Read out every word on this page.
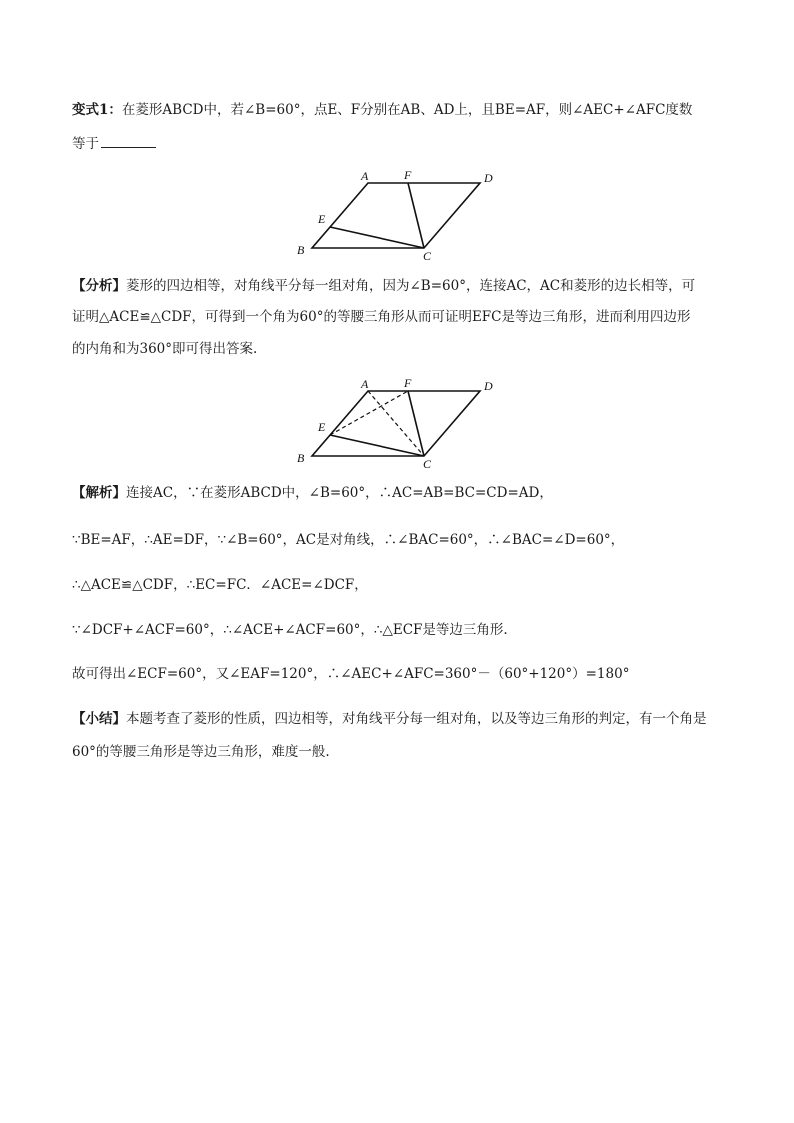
变式1：在菱形ABCD中，若∠B=60°，点E、F分别在AB、AD上，且BE=AF，则∠AEC+∠AFC度数
等于
A	F	D
E
B	C
【分析】菱形的四边相等，对角线平分每一组对角，因为∠B=60°，连接AC，AC和菱形的边长相等，可
证明△ACE≌△CDF，可得到一个角为60°的等腰三角形从而可证明EFC是等边三角形，进而利用四边形
的内角和为360°即可得出答案.
A	F	D
E
B	C
【解析】连接AC，∵在菱形ABCD中，∠B=60°，∴AC=AB=BC=CD=AD，
∵BE=AF，∴AE=DF，∵∠B=60°，AC是对角线，∴∠BAC=60°，∴∠BAC=∠D=60°，
∴△ACE≌△CDF，∴EC=FC．∠ACE=∠DCF，
∵∠DCF+∠ACF=60°，∴∠ACE+∠ACF=60°，∴△ECF是等边三角形.
故可得出∠ECF=60°，又∠EAF=120°，∴∠AEC+∠AFC=360°－（60°+120°）=180°
【小结】本题考查了菱形的性质，四边相等，对角线平分每一组对角，以及等边三角形的判定，有一个角是
60°的等腰三角形是等边三角形，难度一般.
